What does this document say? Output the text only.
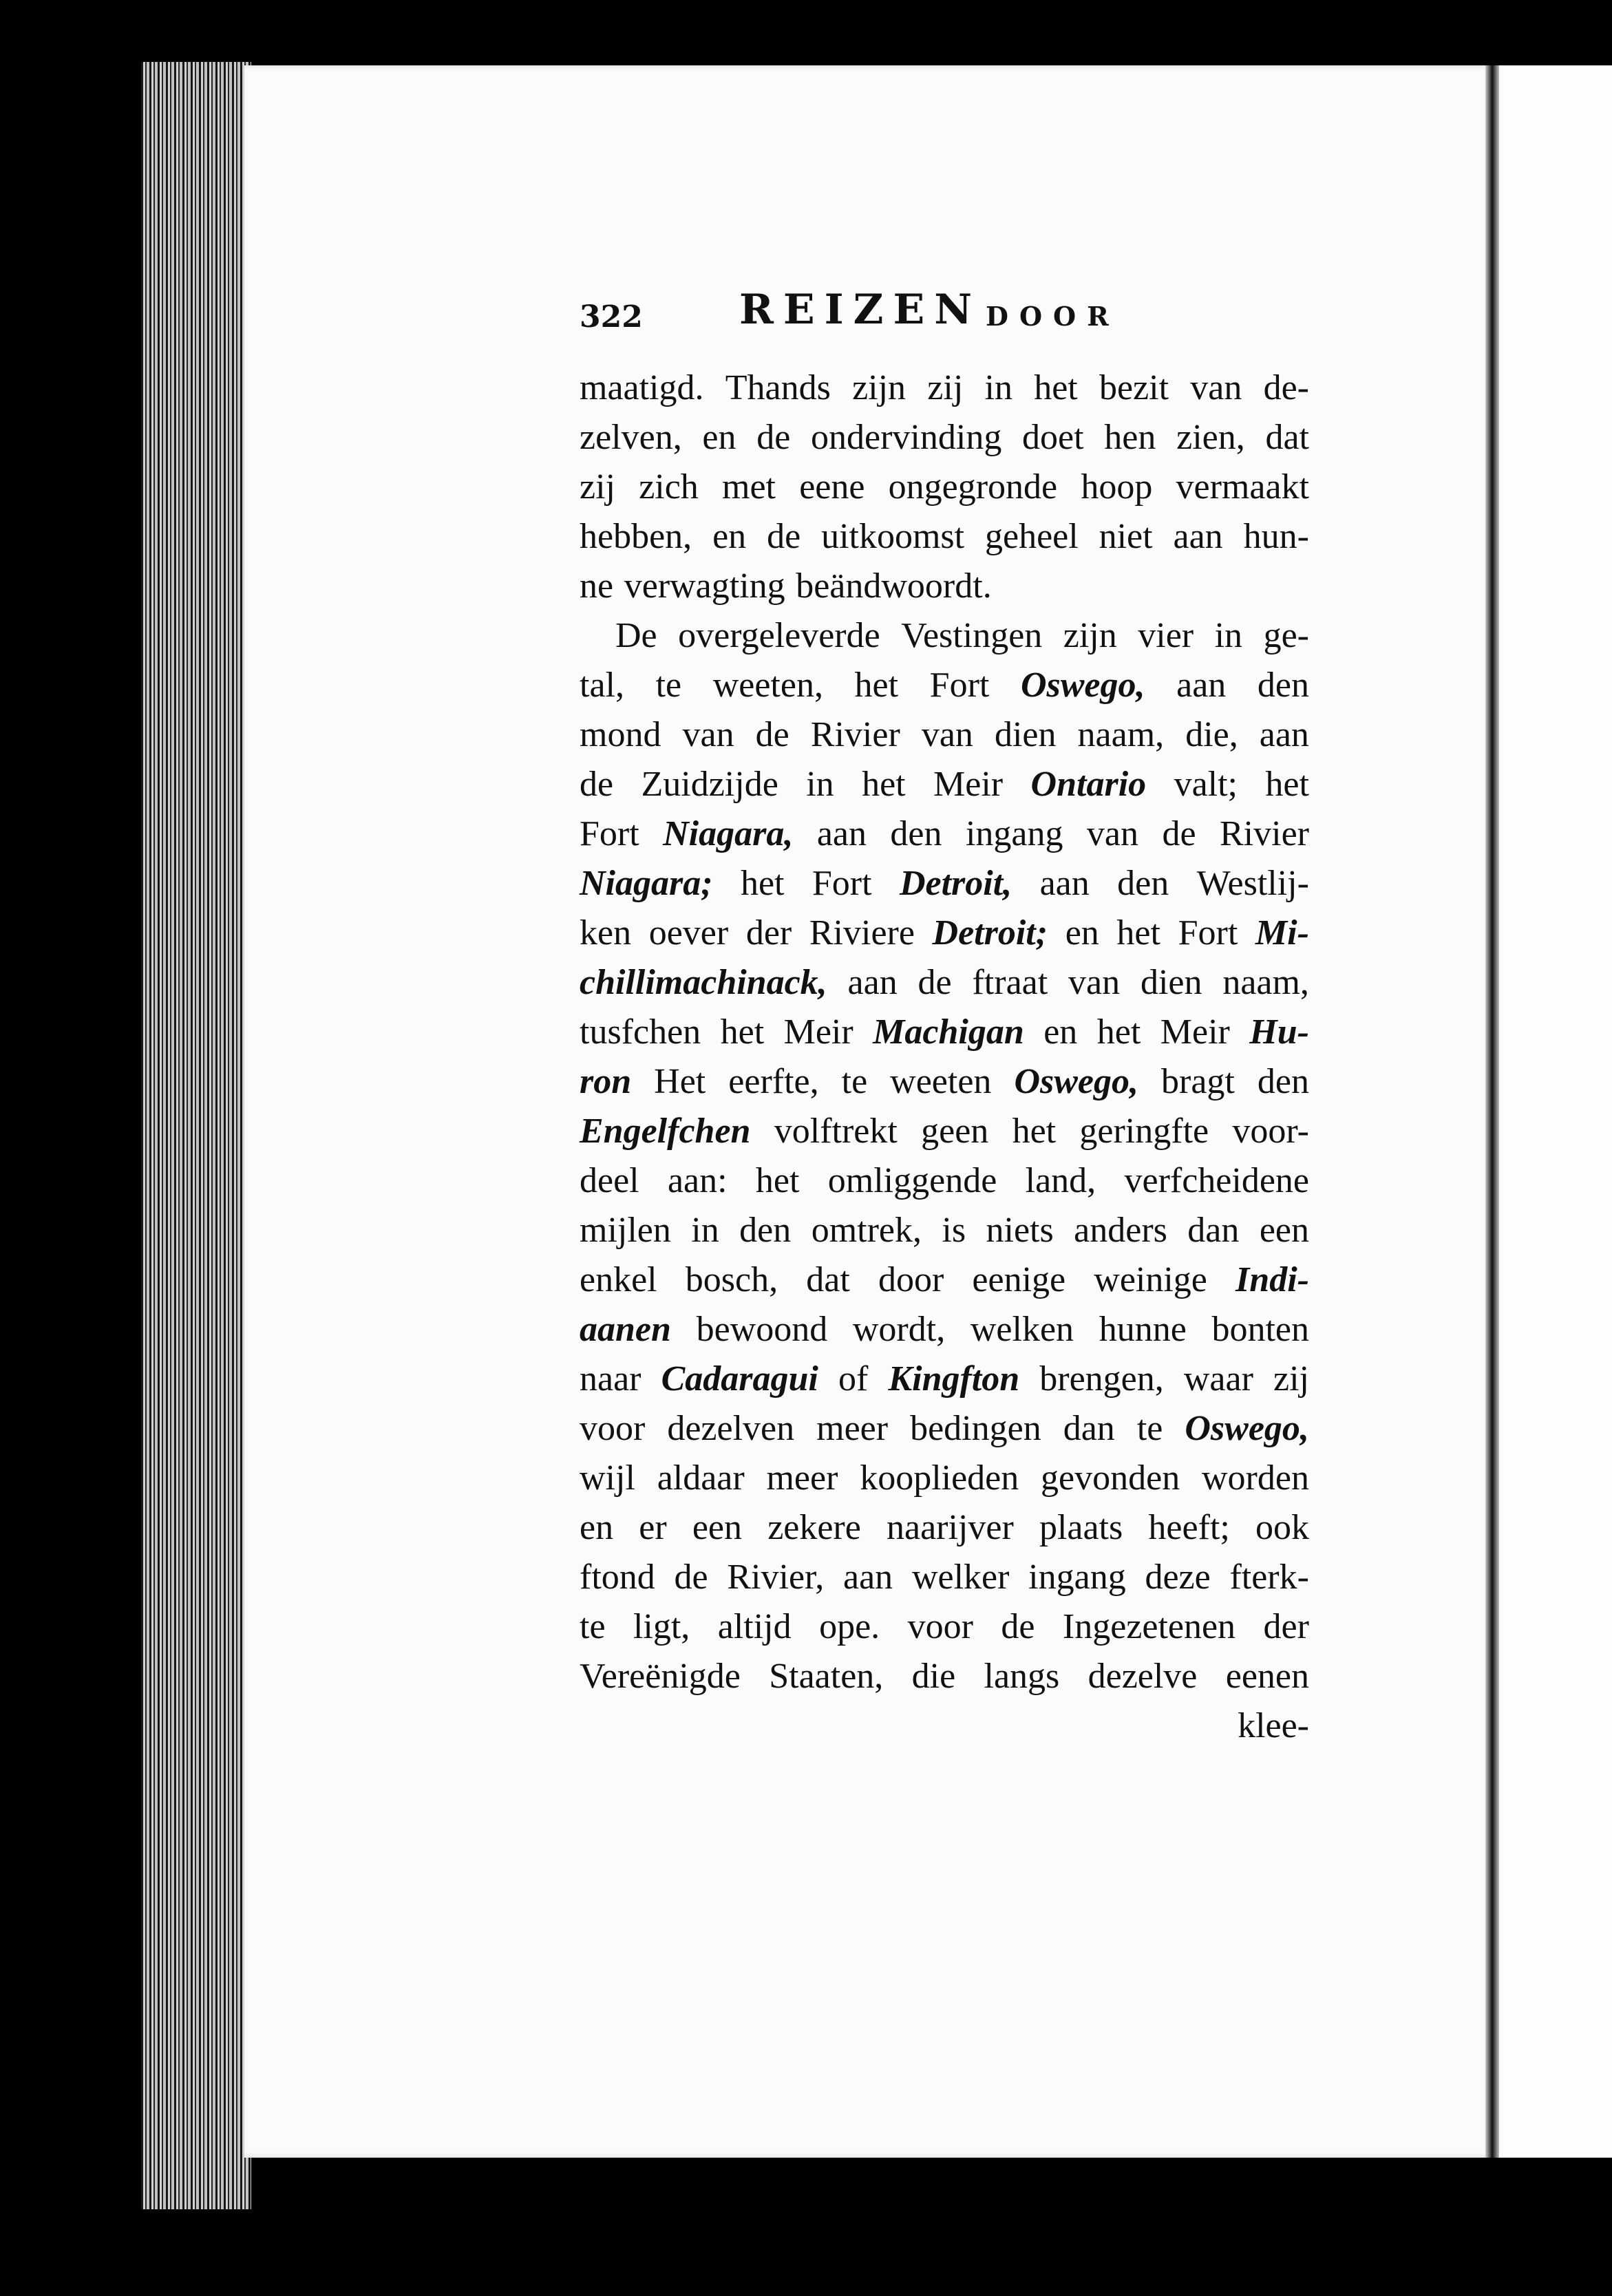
322 REIZEN DOOR
maatigd. Thands zijn zij in het bezit van de-
zelven, en de ondervinding doet hen zien, dat
zij zich met eene ongegronde hoop vermaakt
hebben, en de uitkoomst geheel niet aan hun-
ne verwagting beändwoordt.
De overgeleverde Vestingen zijn vier in ge-
tal, te weeten, het Fort Oswego, aan den
mond van de Rivier van dien naam, die, aan
de Zuidzijde in het Meir Ontario valt; het
Fort Niagara, aan den ingang van de Rivier
Niagara; het Fort Detroit, aan den Westlij-
ken oever der Riviere Detroit; en het Fort Mi-
chillimachinack, aan de ftraat van dien naam,
tusfchen het Meir Machigan en het Meir Hu-
ron Het eerfte, te weeten Oswego, bragt den
Engelfchen volftrekt geen het geringfte voor-
deel aan: het omliggende land, verfcheidene
mijlen in den omtrek, is niets anders dan een
enkel bosch, dat door eenige weinige Indi-
aanen bewoond wordt, welken hunne bonten
naar Cadaragui of Kingfton brengen, waar zij
voor dezelven meer bedingen dan te Oswego,
wijl aldaar meer kooplieden gevonden worden
en er een zekere naarijver plaats heeft; ook
ftond de Rivier, aan welker ingang deze fterk-
te ligt, altijd ope. voor de Ingezetenen der
Vereënigde Staaten, die langs dezelve eenen
klee-
